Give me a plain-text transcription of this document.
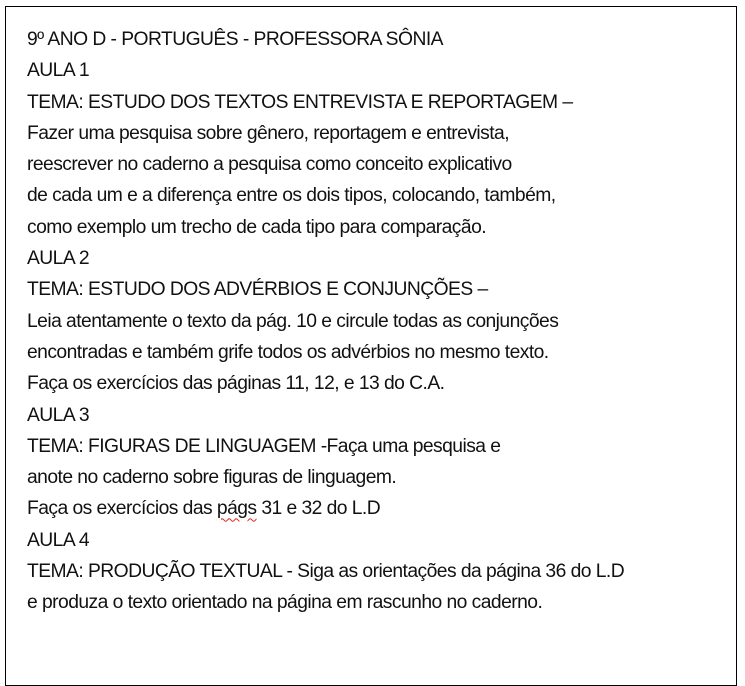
9º ANO D - PORTUGUÊS - PROFESSORA SÔNIA
AULA 1
TEMA: ESTUDO DOS TEXTOS ENTREVISTA E REPORTAGEM –
Fazer uma pesquisa sobre gênero, reportagem e entrevista,
reescrever no caderno a pesquisa como conceito explicativo
de cada um e a diferença entre os dois tipos, colocando, também,
como exemplo um trecho de cada tipo para comparação.
AULA 2
TEMA: ESTUDO DOS ADVÉRBIOS E CONJUNÇÕES –
Leia atentamente o texto da pág. 10 e circule todas as conjunções
encontradas e também grife todos os advérbios no mesmo texto.
Faça os exercícios das páginas 11, 12, e 13 do C.A.
AULA 3
TEMA: FIGURAS DE LINGUAGEM -Faça uma pesquisa e
anote no caderno sobre figuras de linguagem.
Faça os exercícios das págs 31 e 32 do L.D
AULA 4
TEMA: PRODUÇÃO TEXTUAL - Siga as orientações da página 36 do L.D
e produza o texto orientado na página em rascunho no caderno.
